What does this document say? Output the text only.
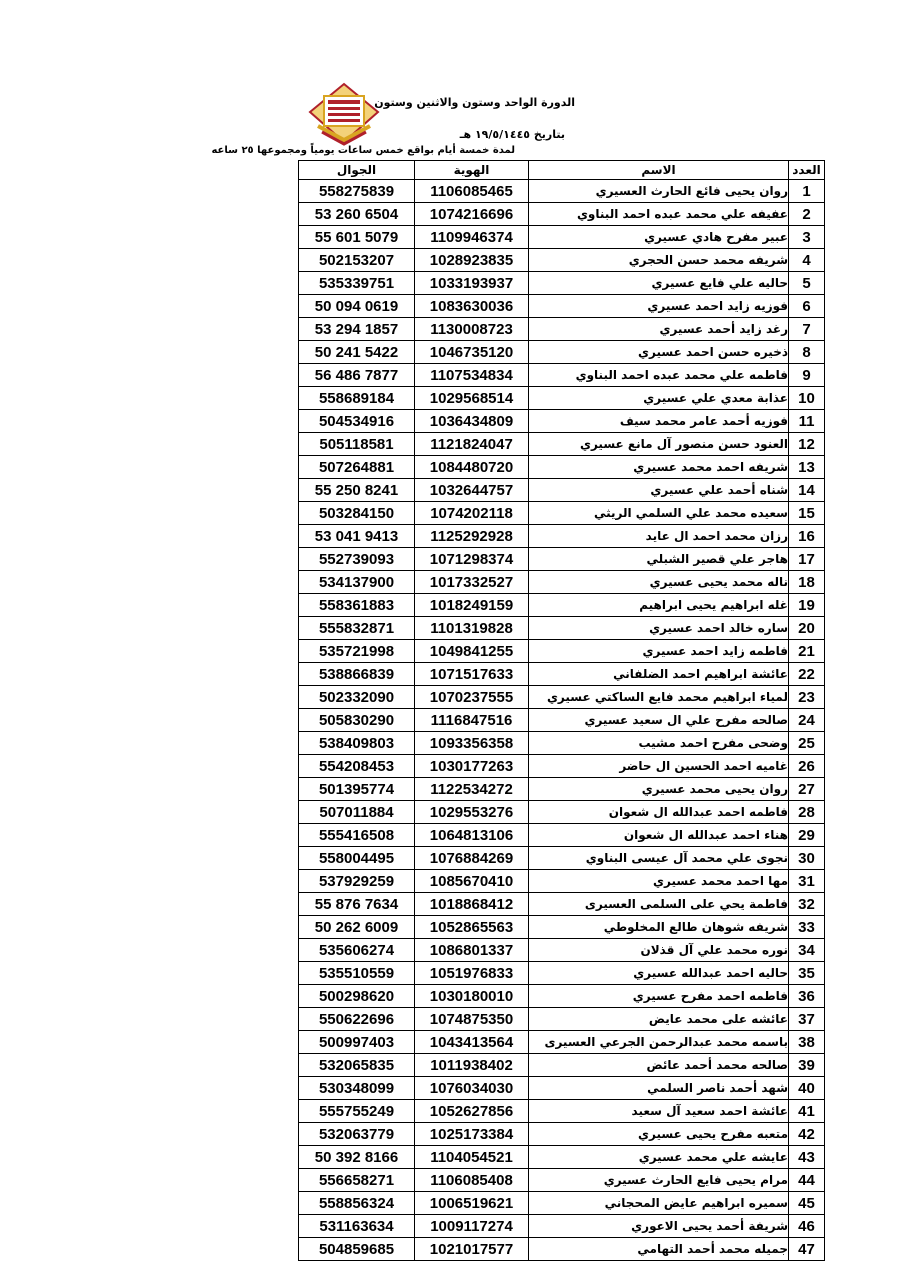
الدورة الواحد وستون والاثنين وستون
بتاريخ ١٩/٥/١٤٤٥ هـ
لمدة خمسة أيام بواقع خمس ساعات يومياً ومجموعها ٢٥ ساعه
العدد	الاسم	الهوية	الجوال
1	روان يحيى فائع الحارث العسيري	1106085465	558275839
2	عفيفه علي محمد عبده احمد البناوي	1074216696	53 260 6504
3	عبير مفرح هادي عسيري	1109946374	55 601 5079
4	شريفه محمد حسن الحجري	1028923835	502153207
5	حاليه علي فايع عسيري	1033193937	535339751
6	فوزيه زايد احمد عسيري	1083630036	50 094 0619
7	رغد زايد أحمد عسيري	1130008723	53 294 1857
8	ذخيره حسن احمد عسيري	1046735120	50 241 5422
9	فاطمه علي محمد عبده احمد البناوي	1107534834	56 486 7877
10	عذابة معدي علي عسيري	1029568514	558689184
11	فوزيه أحمد عامر محمد سيف	1036434809	504534916
12	العنود حسن منصور آل مانع عسيري	1121824047	505118581
13	شريفه احمد محمد عسيري	1084480720	507264881
14	شناه أحمد علي عسيري	1032644757	55 250 8241
15	سعيده محمد علي السلمي الريثي	1074202118	503284150
16	رزان محمد احمد ال عايد	1125292928	53 041 9413
17	هاجر علي قصير الشبلي	1071298374	552739093
18	ناله محمد يحيى عسيري	1017332527	534137900
19	غله ابراهيم يحيى ابراهيم	1018249159	558361883
20	ساره خالد احمد عسيري	1101319828	555832871
21	فاطمه زايد احمد عسيري	1049841255	535721998
22	عائشة ابراهيم احمد الضلفاني	1071517633	538866839
23	لمياء ابراهيم محمد فايع الساكتي عسيري	1070237555	502332090
24	صالحه مفرح علي ال سعيد عسيري	1116847516	505830290
25	وضحى مفرح احمد مشيب	1093356358	538409803
26	غاميه احمد الحسين ال حاضر	1030177263	554208453
27	روان يحيى محمد عسيري	1122534272	501395774
28	فاطمه احمد عبدالله ال شعوان	1029553276	507011884
29	هناء احمد عبدالله ال شعوان	1064813106	555416508
30	نجوى علي محمد آل عيسى البناوي	1076884269	558004495
31	مها احمد محمد عسيري	1085670410	537929259
32	فاطمة يحي على السلمى العسيرى	1018868412	55 876 7634
33	شريفه شوهان طالع المخلوطي	1052865563	50 262 6009
34	نوره محمد علي آل قذلان	1086801337	535606274
35	حاليه احمد عبدالله عسيري	1051976833	535510559
36	فاطمه احمد مفرح عسيري	1030180010	500298620
37	عائشه على محمد عايض	1074875350	550622696
38	باسمه محمد عبدالرحمن الجرعي العسيرى	1043413564	500997403
39	صالحه محمد أحمد عائض	1011938402	532065835
40	شهد أحمد ناصر السلمي	1076034030	530348099
41	عائشة احمد سعيد آل سعيد	1052627856	555755249
42	متعبه مفرح يحيى عسيري	1025173384	532063779
43	عايشه علي محمد عسيري	1104054521	50 392 8166
44	مرام يحيى فايع الحارث عسيري	1106085408	556658271
45	سميره ابراهيم عايض المحجاني	1006519621	558856324
46	شريفة أحمد يحيى الاعوري	1009117274	531163634
47	جميله محمد أحمد التهامي	1021017577	504859685
